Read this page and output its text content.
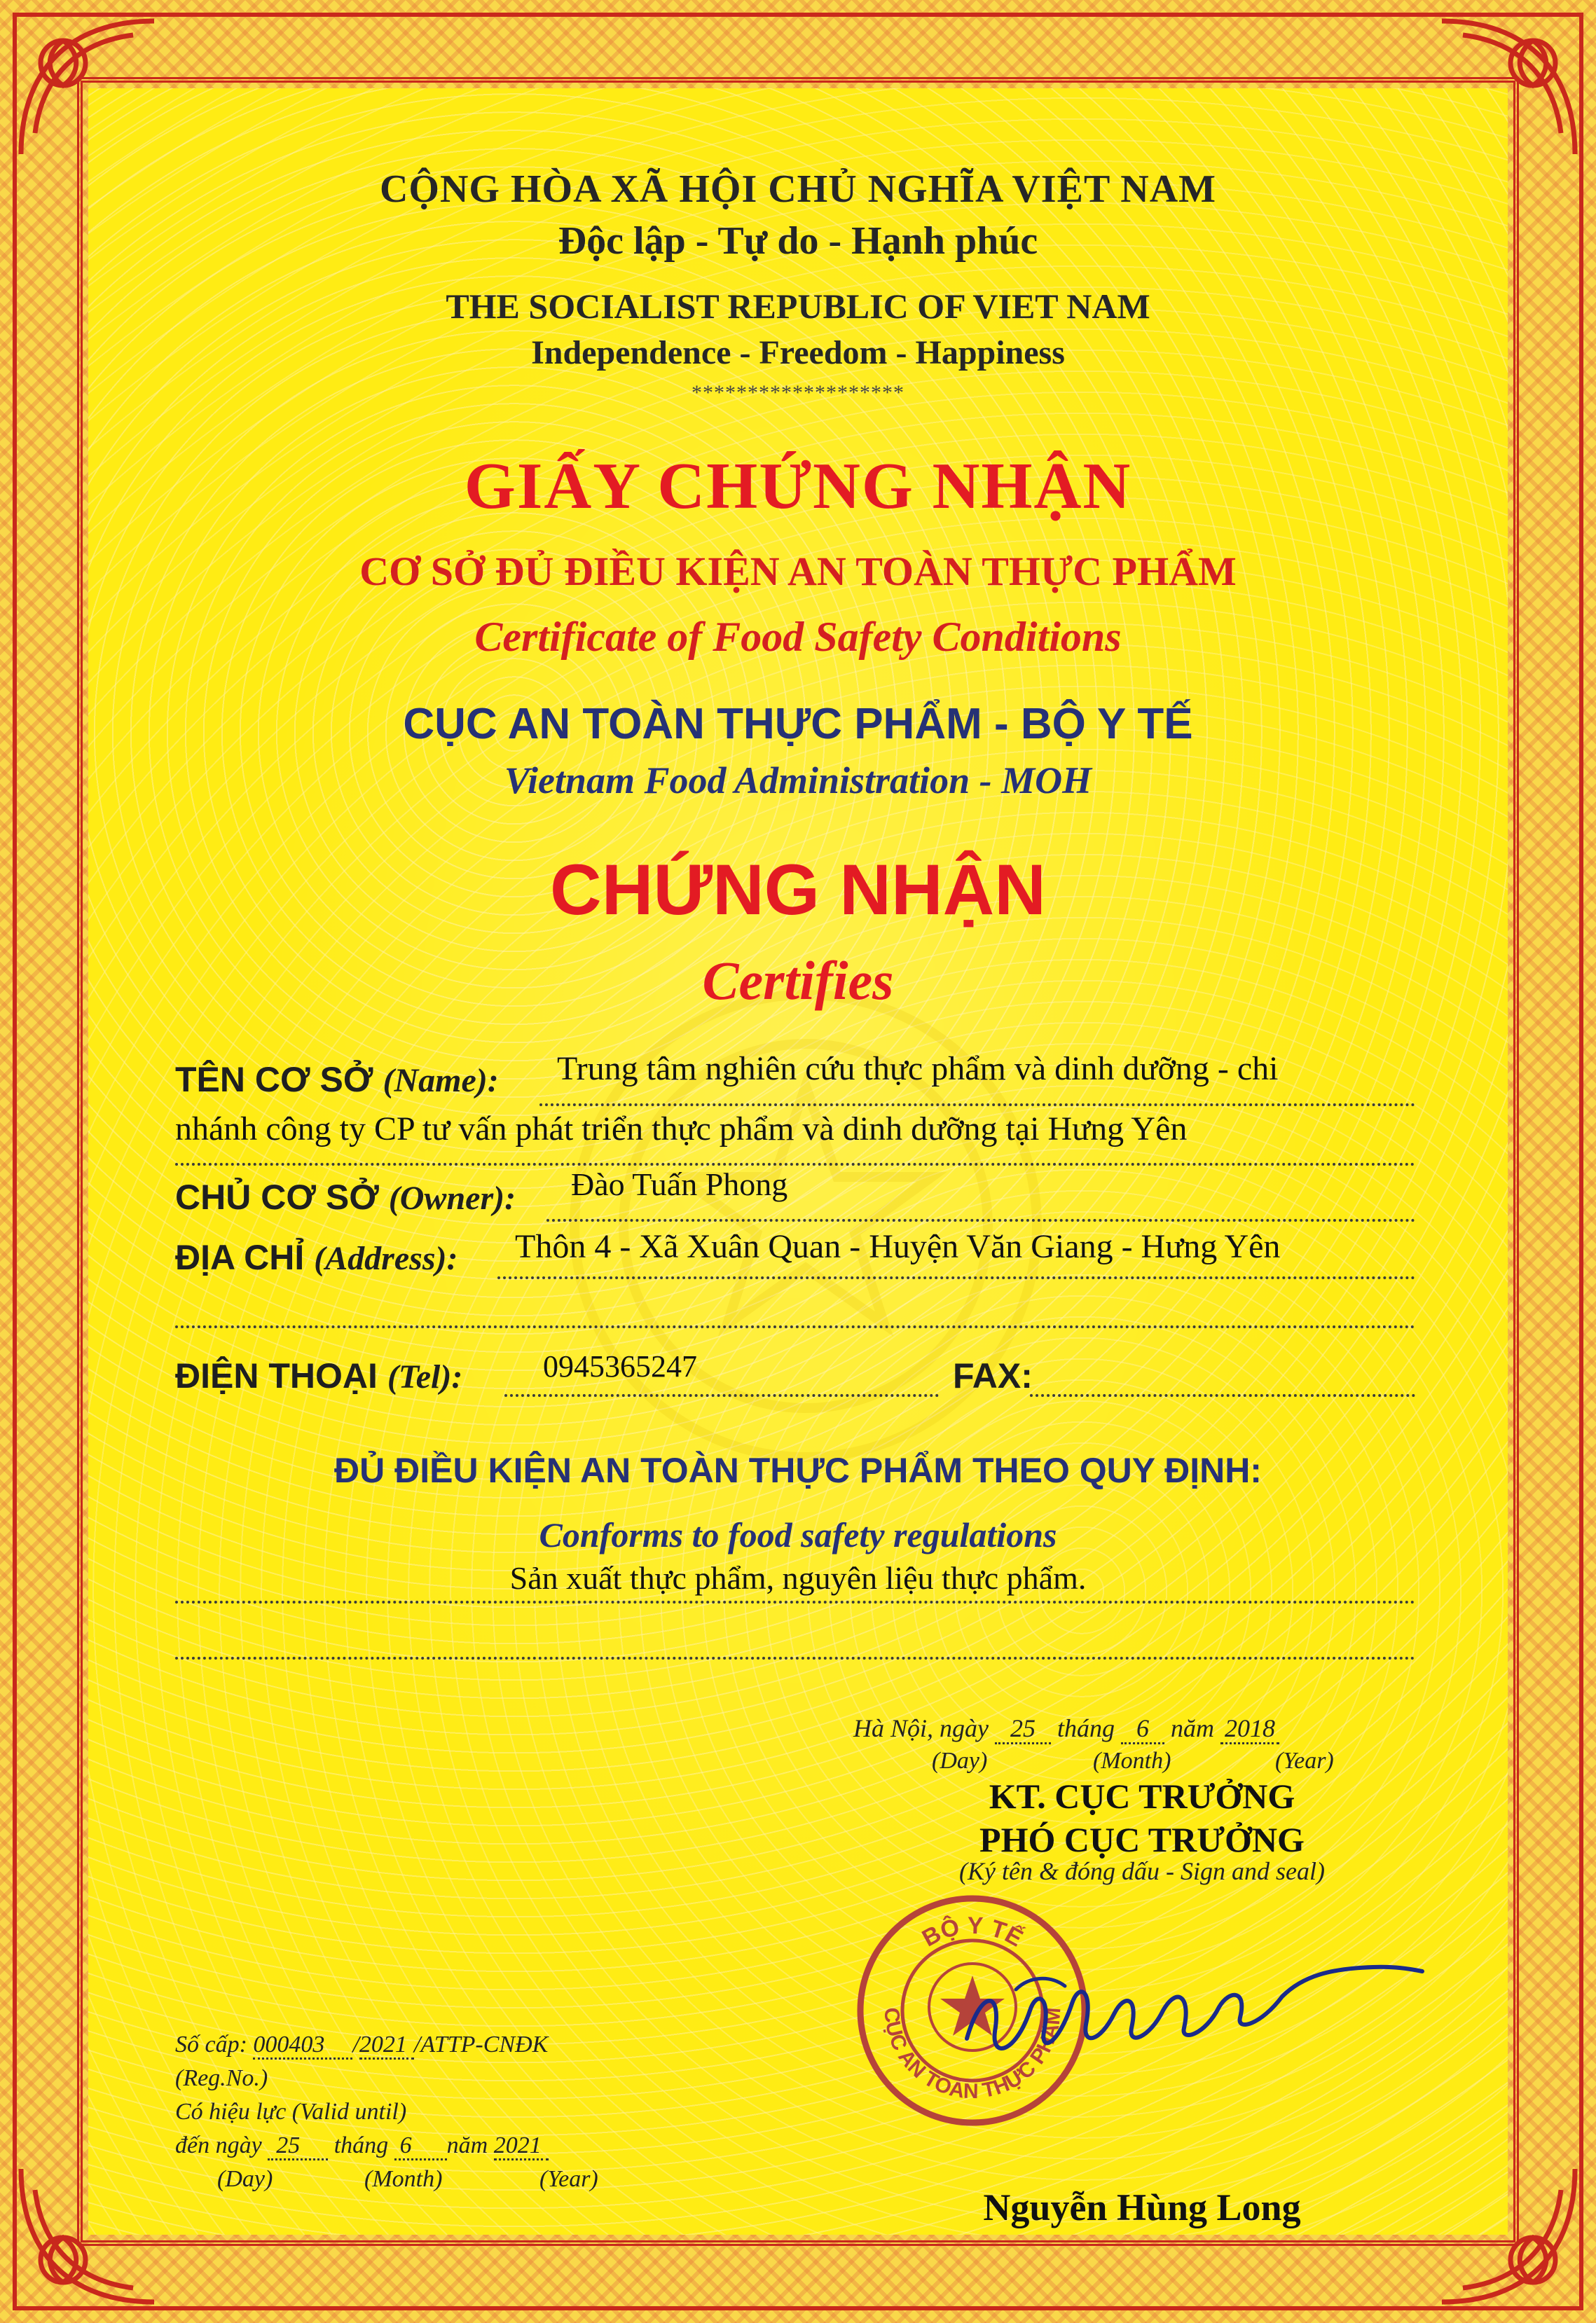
CỘNG HÒA XÃ HỘI CHỦ NGHĨA VIỆT NAM
Độc lập - Tự do - Hạnh phúc
THE SOCIALIST REPUBLIC OF VIET NAM
Independence - Freedom - Happiness
*******************
GIẤY CHỨNG NHẬN
CƠ SỞ ĐỦ ĐIỀU KIỆN AN TOÀN THỰC PHẨM
Certificate of Food Safety Conditions
CỤC AN TOÀN THỰC PHẨM - BỘ Y TẾ
Vietnam Food Administration - MOH
CHỨNG NHẬN
Certifies
TÊN CƠ SỞ (Name): Trung tâm nghiên cứu thực phẩm và dinh dưỡng - chi
nhánh công ty CP tư vấn phát triển thực phẩm và dinh dưỡng tại Hưng Yên
CHỦ CƠ SỞ (Owner): Đào Tuấn Phong
ĐỊA CHỈ (Address): Thôn 4 - Xã Xuân Quan - Huyện Văn Giang - Hưng Yên
ĐIỆN THOẠI (Tel):	0945365247	FAX:
ĐỦ ĐIỀU KIỆN AN TOÀN THỰC PHẨM THEO QUY ĐỊNH:
Conforms to food safety regulations
Sản xuất thực phẩm, nguyên liệu thực phẩm.
Hà Nội, ngày 25 tháng 6 năm 2018
(Day)	(Month)	(Year)
KT. CỤC TRƯỞNG
PHÓ CỤC TRƯỞNG
(Ký tên & đóng dấu - Sign and seal)
BỘ Y TẾ
CỤC AN TOÀN THỰC PHẨM
Nguyễn Hùng Long
Số cấp: 000403 /2021 /ATTP-CNĐK
(Reg.No.)
Có hiệu lực (Valid until)
đến ngày 25 tháng 6 năm 2021
(Day)	(Month)	(Year)
